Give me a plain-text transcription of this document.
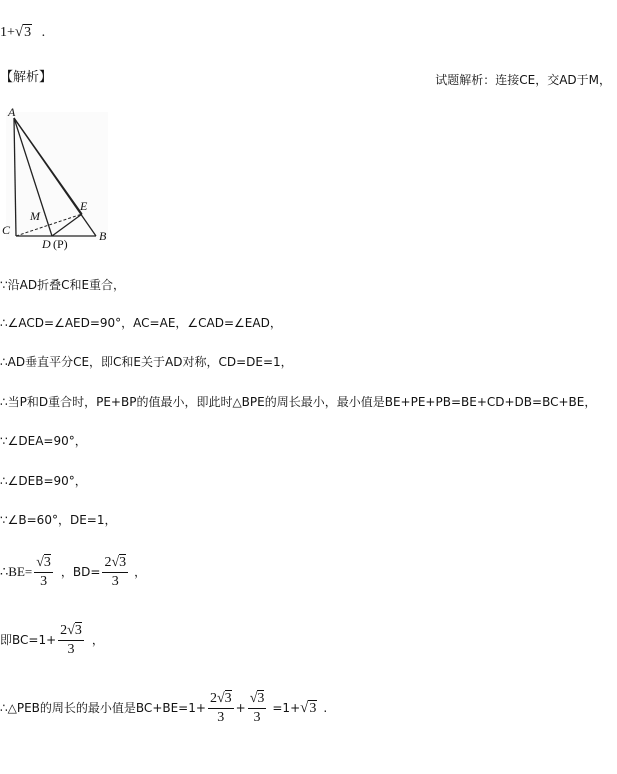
1+√3 .
【解析】	试题解析：连接CE，交AD于M，
A
C
M
E
D (P)
B
∵沿AD折叠C和E重合，
∴∠ACD=∠AED=90°，AC=AE，∠CAD=∠EAD，
∴AD垂直平分CE，即C和E关于AD对称，CD=DE=1，
∴当P和D重合时，PE+BP的值最小，即此时△BPE的周长最小，最小值是BE+PE+PB=BE+CD+DB=BC+BE，
∵∠DEA=90°，
∴∠DEB=90°，
∵∠B=60°，DE=1，
∴BE= $\frac{√3}{3}$ ，$BD= \frac{2√3}{3}$ ，
即$BC=1+ \frac{2√3}{3}$ ，
∴△PEB的周长的最小值是$BC+BE=1+ \frac{2√3}{3} + \frac{√3}{3} =1+√3$ .
